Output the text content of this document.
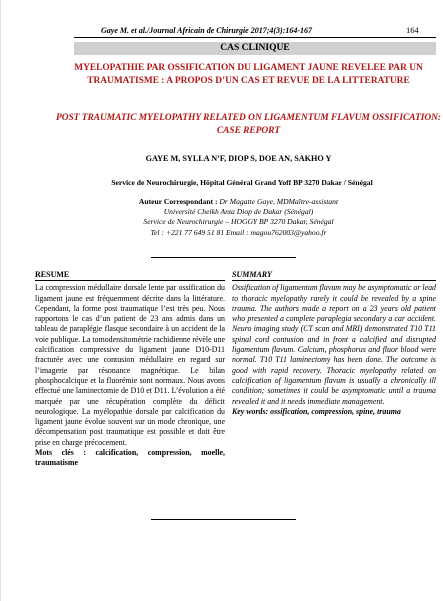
Gaye M. et al./Journal Africain de Chirurgie 2017;4(3):164-167	164
CAS CLINIQUE
MYELOPATHIE PAR OSSIFICATION DU LIGAMENT JAUNE REVELEE PAR UN TRAUMATISME : A PROPOS D’UN CAS ET REVUE DE LA LITTERATURE
POST TRAUMATIC MYELOPATHY RELATED ON LIGAMENTUM FLAVUM OSSIFICATION: CASE REPORT
GAYE M, SYLLA N’F, DIOP S, DOE AN, SAKHO Y
Service de Neurochirurgie, Hôpital Général Grand Yoff BP 3270 Dakar / Sénégal
Auteur Correspondant : Dr Magatte Gaye, MDMaître-assistant
Université Cheikh Anta Diop de Dakar (Sénégal)
Service de Neurochirurgie – HOGGY BP 3270 Dakar, Sénégal
Tel : +221 77 649 51 81 Email : magou762003@yahoo.fr
RESUME

La compression médullaire dorsale lente par ossification du ligament jaune est fréquemment décrite dans la littérature. Cependant, la forme post traumatique l’est très peu. Nous rapportons le cas d’un patient de 23 ans admis dans un tableau de paraplégie flasque secondaire à un accident de la voie publique. La tomodensitométrie rachidienne révèle une calcification compressive du ligament jaune D10-D11 fracturée avec une contusion médullaire en regard sur l’imagerie par résonance magnétique. Le bilan phosphocalcique et la fluorémie sont normaux. Nous avons effectué une laminectomie de D10 et D11. L’évolution a été marquée par une récupération complète du déficit neurologique. La myélopathie dorsale par calcification du ligament jaune évolue souvent sur un mode chronique, une décompensation post traumatique est possible et doit être prise en charge précocement.

Mots clés : calcification, compression, moelle, traumatisme

SUMMARY

Ossification of ligamentum flavum may be asymptomatic or lead to thoracic myelopathy rarely it could be revealed by a spine trauma. The authors made a report on a 23 years old patient who presented a complete paraplegia secondary a car accident. Neuro imaging study (CT scan and MRI) demonstrated T10 T11 spinal cord contusion and in front a calcified and disrupted ligamentum flavum. Calcium, phosphorus and fluor blood were normal. T10 T11 laminectomy has been done. The outcome is good with rapid recovery. Thoracic myelopathy related on calcification of ligamentum flavum is usually a chronically ill condition; sometimes it could be asymptomatic until a trauma revealed it and it needs immediate management.

Key words: ossification, compression, spine, trauma
